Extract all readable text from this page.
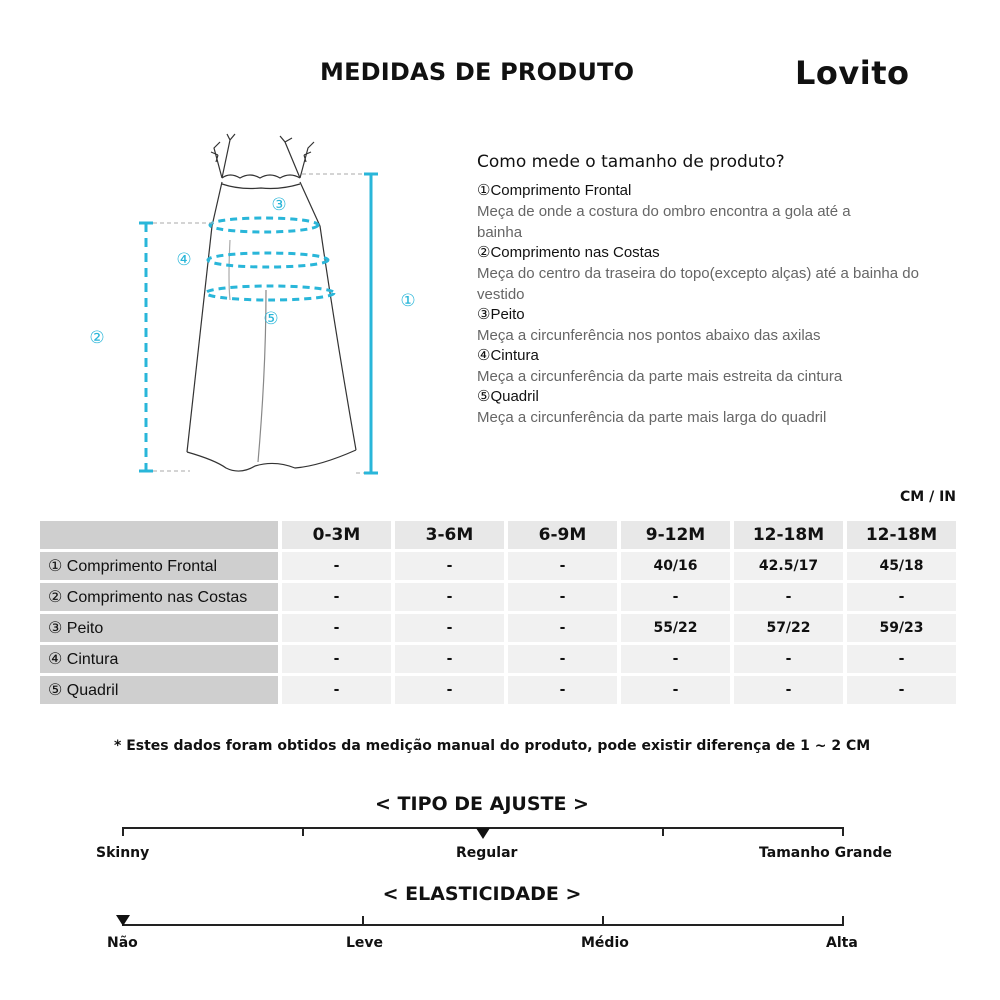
MEDIDAS DE PRODUTO	Lovito
①
②
③
④
⑤
Como mede o tamanho de produto?
①Comprimento Frontal
Meça de onde a costura do ombro encontra a gola até a bainha
②Comprimento nas Costas
Meça do centro da traseira do topo(excepto alças) até a bainha do vestido
③Peito
Meça a circunferência nos pontos abaixo das axilas
④Cintura
Meça a circunferência da parte mais estreita da cintura
⑤Quadril
Meça a circunferência da parte mais larga do quadril
CM / IN
	0-3M	3-6M	6-9M	9-12M	12-18M	12-18M
① Comprimento Frontal	-	-	-	40/16	42.5/17	45/18
② Comprimento nas Costas	-	-	-	-	-	-
③ Peito	-	-	-	55/22	57/22	59/23
④ Cintura	-	-	-	-	-	-
⑤ Quadril	-	-	-	-	-	-
* Estes dados foram obtidos da medição manual do produto, pode existir diferença de 1 ~ 2 CM
< TIPO DE AJUSTE >
Skinny	Regular	Tamanho Grande
< ELASTICIDADE >
Não	Leve	Médio	Alta
